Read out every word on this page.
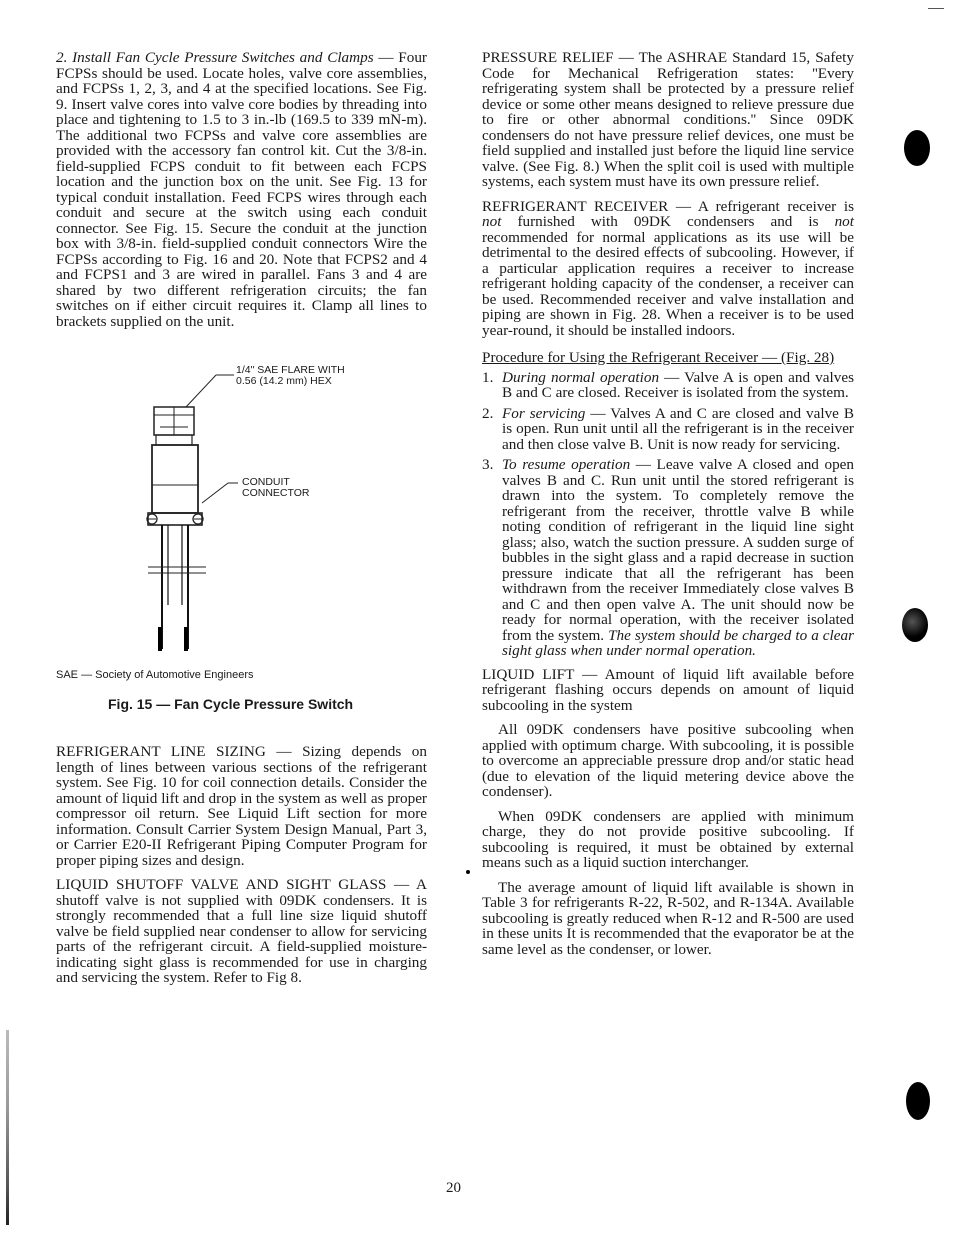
2. Install Fan Cycle Pressure Switches and Clamps — Four FCPSs should be used. Locate holes, valve core assemblies, and FCPSs 1, 2, 3, and 4 at the specified locations. See Fig. 9. Insert valve cores into valve core bodies by threading into place and tightening to 1.5 to 3 in.-lb (169.5 to 339 mN-m). The additional two FCPSs and valve core assemblies are provided with the accessory fan control kit. Cut the 3/8-in. field-supplied FCPS conduit to fit between each FCPS location and the junction box on the unit. See Fig. 13 for typical conduit installation. Feed FCPS wires through each conduit and secure at the switch using each conduit connector. See Fig. 15. Secure the conduit at the junction box with 3/8-in. field-supplied conduit connectors Wire the FCPSs according to Fig. 16 and 20. Note that FCPS2 and 4 and FCPS1 and 3 are wired in parallel. Fans 3 and 4 are shared by two different refrigeration circuits; the fan switches on if either circuit requires it. Clamp all lines to brackets supplied on the unit.

1/4" SAE FLARE WITH
0.56 (14.2 mm) HEX
CONDUIT
CONNECTOR
SAE — Society of Automotive Engineers
Fig. 15 — Fan Cycle Pressure Switch

REFRIGERANT LINE SIZING — Sizing depends on length of lines between various sections of the refrigerant system. See Fig. 10 for coil connection details. Consider the amount of liquid lift and drop in the system as well as proper compressor oil return. See Liquid Lift section for more information. Consult Carrier System Design Manual, Part 3, or Carrier E20-II Refrigerant Piping Computer Program for proper piping sizes and design.

LIQUID SHUTOFF VALVE AND SIGHT GLASS — A shutoff valve is not supplied with 09DK condensers. It is strongly recommended that a full line size liquid shutoff valve be field supplied near condenser to allow for servicing parts of the refrigerant circuit. A field-supplied moisture-indicating sight glass is recommended for use in charging and servicing the system. Refer to Fig 8.

PRESSURE RELIEF — The ASHRAE Standard 15, Safety Code for Mechanical Refrigeration states: ''Every refrigerating system shall be protected by a pressure relief device or some other means designed to relieve pressure due to fire or other abnormal conditions.'' Since 09DK condensers do not have pressure relief devices, one must be field supplied and installed just before the liquid line service valve. (See Fig. 8.) When the split coil is used with multiple systems, each system must have its own pressure relief.

REFRIGERANT RECEIVER — A refrigerant receiver is not furnished with 09DK condensers and is not recommended for normal applications as its use will be detrimental to the desired effects of subcooling. However, if a particular application requires a receiver to increase refrigerant holding capacity of the condenser, a receiver can be used. Recommended receiver and valve installation and piping are shown in Fig. 28. When a receiver is to be used year-round, it should be installed indoors.

Procedure for Using the Refrigerant Receiver — (Fig. 28)
1. During normal operation — Valve A is open and valves B and C are closed. Receiver is isolated from the system.
2. For servicing — Valves A and C are closed and valve B is open. Run unit until all the refrigerant is in the receiver and then close valve B. Unit is now ready for servicing.
3. To resume operation — Leave valve A closed and open valves B and C. Run unit until the stored refrigerant is drawn into the system. To completely remove the refrigerant from the receiver, throttle valve B while noting condition of refrigerant in the liquid line sight glass; also, watch the suction pressure. A sudden surge of bubbles in the sight glass and a rapid decrease in suction pressure indicate that all the refrigerant has been withdrawn from the receiver Immediately close valves B and C and then open valve A. The unit should now be ready for normal operation, with the receiver isolated from the system. The system should be charged to a clear sight glass when under normal operation.

LIQUID LIFT — Amount of liquid lift available before refrigerant flashing occurs depends on amount of liquid subcooling in the system

All 09DK condensers have positive subcooling when applied with optimum charge. With subcooling, it is possible to overcome an appreciable pressure drop and/or static head (due to elevation of the liquid metering device above the condenser).

When 09DK condensers are applied with minimum charge, they do not provide positive subcooling. If subcooling is required, it must be obtained by external means such as a liquid suction interchanger.

The average amount of liquid lift available is shown in Table 3 for refrigerants R-22, R-502, and R-134A. Available subcooling is greatly reduced when R-12 and R-500 are used in these units It is recommended that the evaporator be at the same level as the condenser, or lower.

20
